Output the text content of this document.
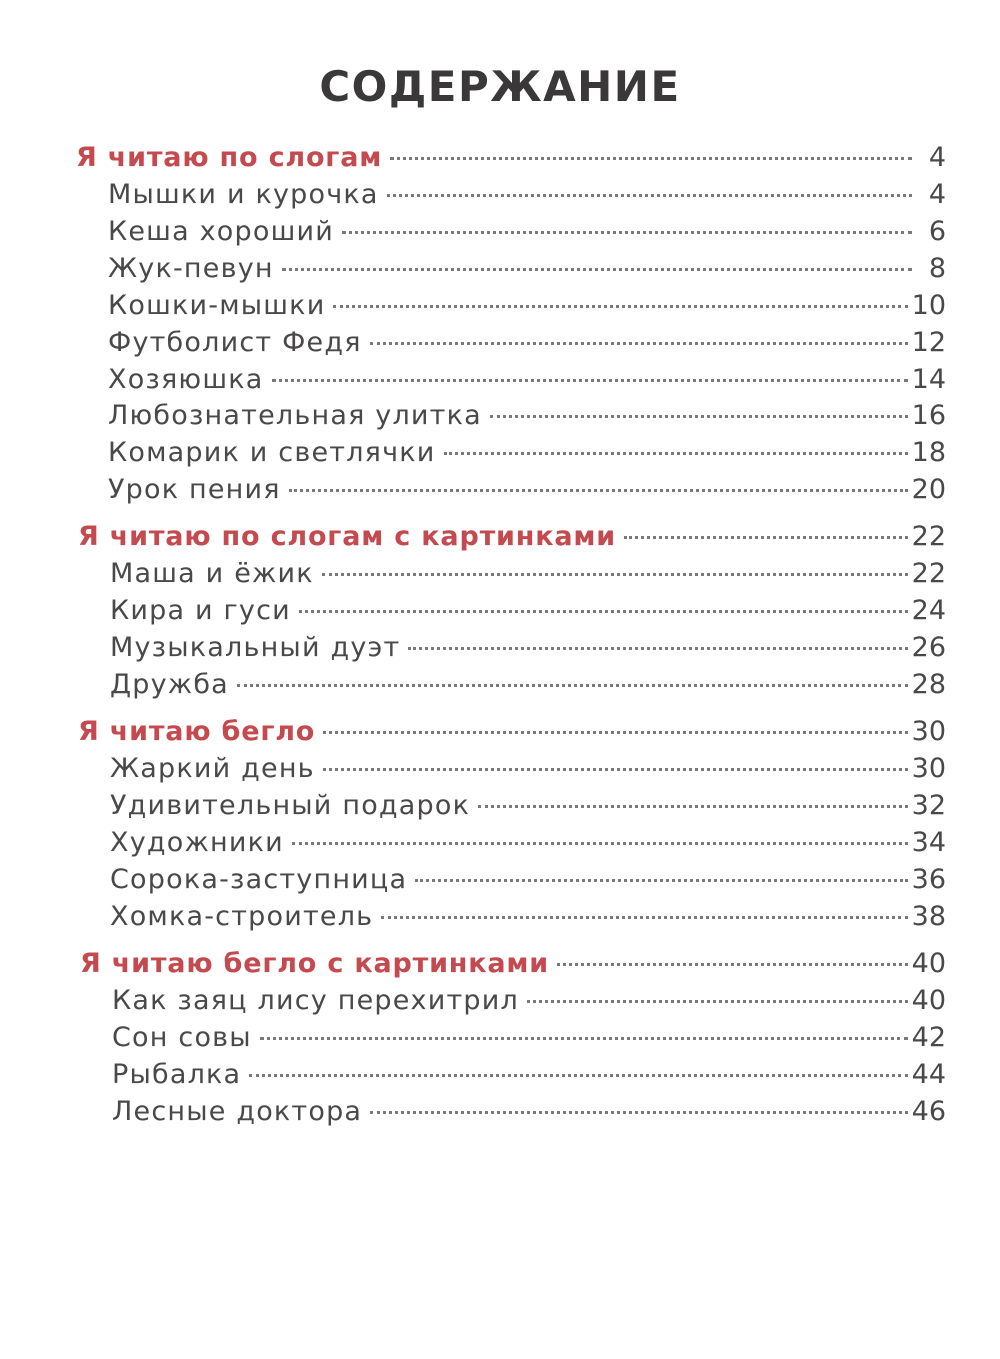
СОДЕРЖАНИЕ
Я читаю по слогам	4
Мышки и курочка	4
Кеша хороший	6
Жук-певун	8
Кошки-мышки	10
Футболист Федя	12
Хозяюшка	14
Любознательная улитка	16
Комарик и светлячки	18
Урок пения	20
Я читаю по слогам с картинками	22
Маша и ёжик	22
Кира и гуси	24
Музыкальный дуэт	26
Дружба	28
Я читаю бегло	30
Жаркий день	30
Удивительный подарок	32
Художники	34
Сорока-заступница	36
Хомка-строитель	38
Я читаю бегло с картинками	40
Как заяц лису перехитрил	40
Сон совы	42
Рыбалка	44
Лесные доктора	46
